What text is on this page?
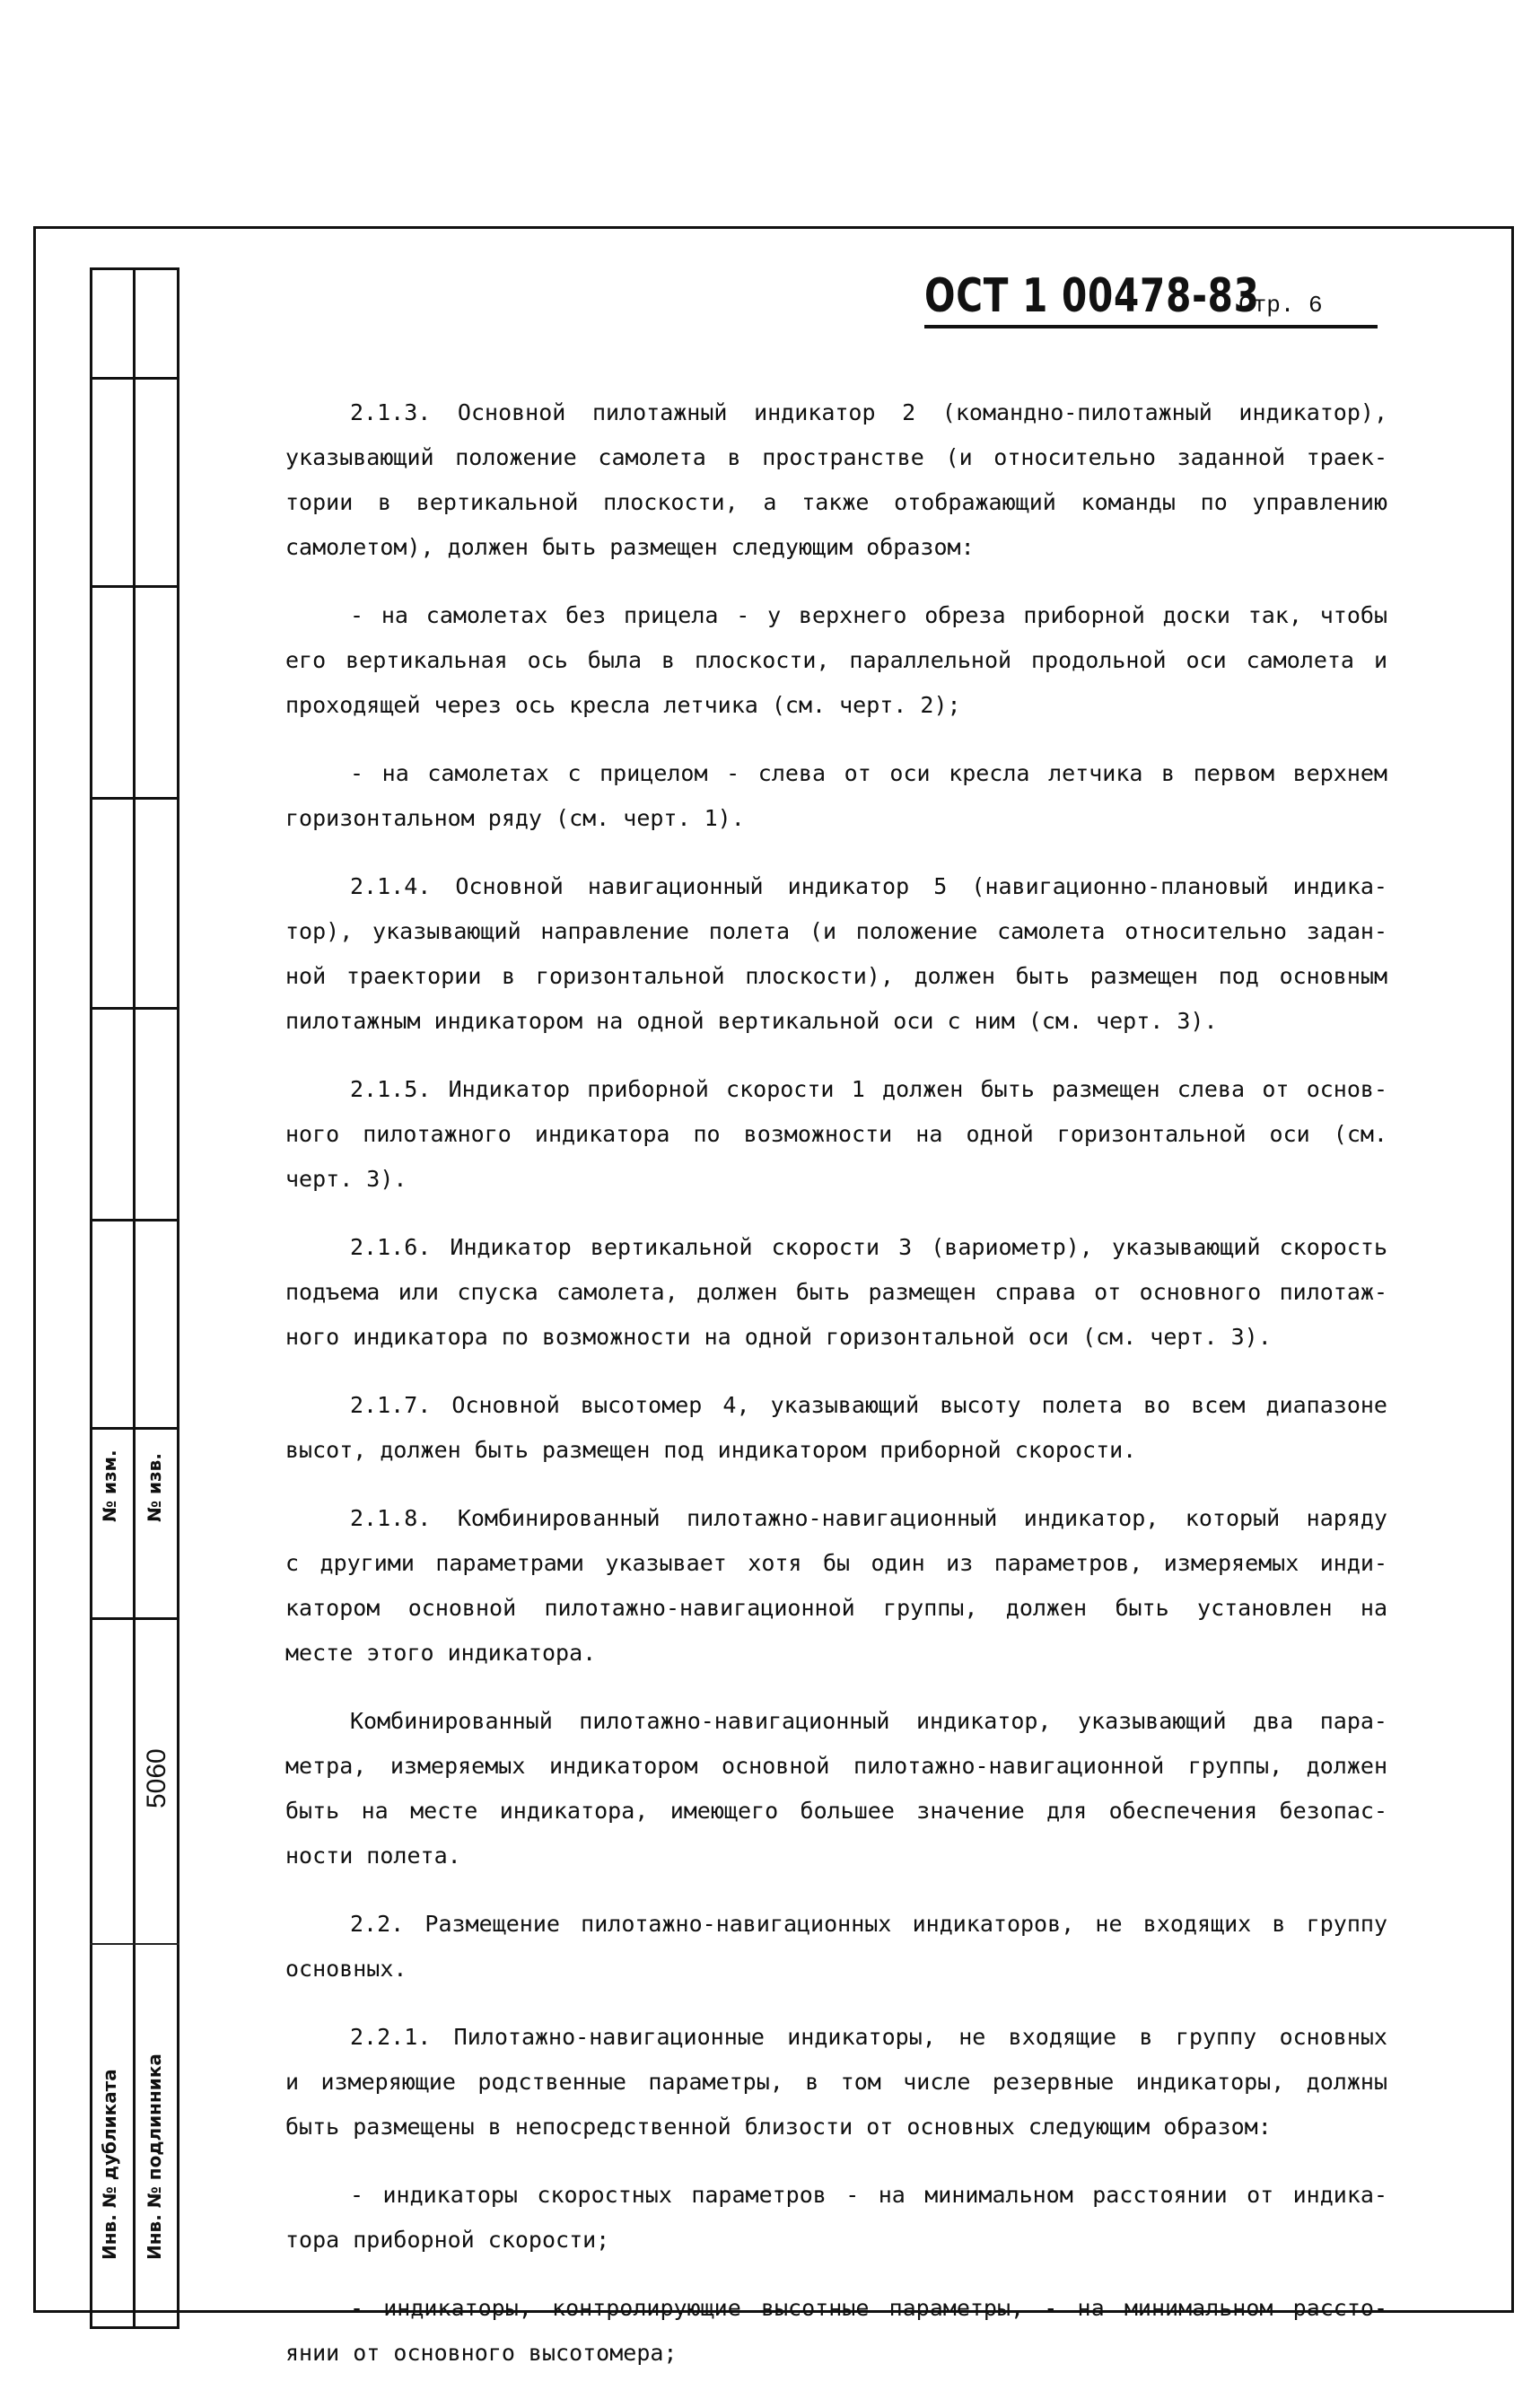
№ изм. № изв.
5060
Инв. № дубликата Инв. № подлинника
ОСТ 1 00478-83
Стр. 6
2.1.3. Основной пилотажный индикатор 2 (командно-пилотажный индикатор),
указывающий положение самолета в пространстве (и относительно заданной траек-
тории в вертикальной плоскости, а также отображающий команды по управлению
самолетом), должен быть размещен следующим образом:
- на самолетах без прицела - у верхнего обреза приборной доски так, чтобы
его вертикальная ось была в плоскости, параллельной продольной оси самолета и
проходящей через ось кресла летчика (см. черт. 2);
- на самолетах с прицелом - слева от оси кресла летчика в первом верхнем
горизонтальном ряду (см. черт. 1).
2.1.4. Основной навигационный индикатор 5 (навигационно-плановый индика-
тор), указывающий направление полета (и положение самолета относительно задан-
ной траектории в горизонтальной плоскости), должен быть размещен под основным
пилотажным индикатором на одной вертикальной оси с ним (см. черт. 3).
2.1.5. Индикатор приборной скорости 1 должен быть размещен слева от основ-
ного пилотажного индикатора по возможности на одной горизонтальной оси (см.
черт. 3).
2.1.6. Индикатор вертикальной скорости 3 (вариометр), указывающий скорость
подъема или спуска самолета, должен быть размещен справа от основного пилотаж-
ного индикатора по возможности на одной горизонтальной оси (см. черт. 3).
2.1.7. Основной высотомер 4, указывающий высоту полета во всем диапазоне
высот, должен быть размещен под индикатором приборной скорости.
2.1.8. Комбинированный пилотажно-навигационный индикатор, который наряду
с другими параметрами указывает хотя бы один из параметров, измеряемых инди-
катором основной пилотажно-навигационной группы, должен быть установлен на
месте этого индикатора.
Комбинированный пилотажно-навигационный индикатор, указывающий два пара-
метра, измеряемых индикатором основной пилотажно-навигационной группы, должен
быть на месте индикатора, имеющего большее значение для обеспечения безопас-
ности полета.
2.2. Размещение пилотажно-навигационных индикаторов, не входящих в группу
основных.
2.2.1. Пилотажно-навигационные индикаторы, не входящие в группу основных
и измеряющие родственные параметры, в том числе резервные индикаторы, должны
быть размещены в непосредственной близости от основных следующим образом:
- индикаторы скоростных параметров - на минимальном расстоянии от индика-
тора приборной скорости;
- индикаторы, контролирующие высотные параметры, - на минимальном рассто-
янии от основного высотомера;
